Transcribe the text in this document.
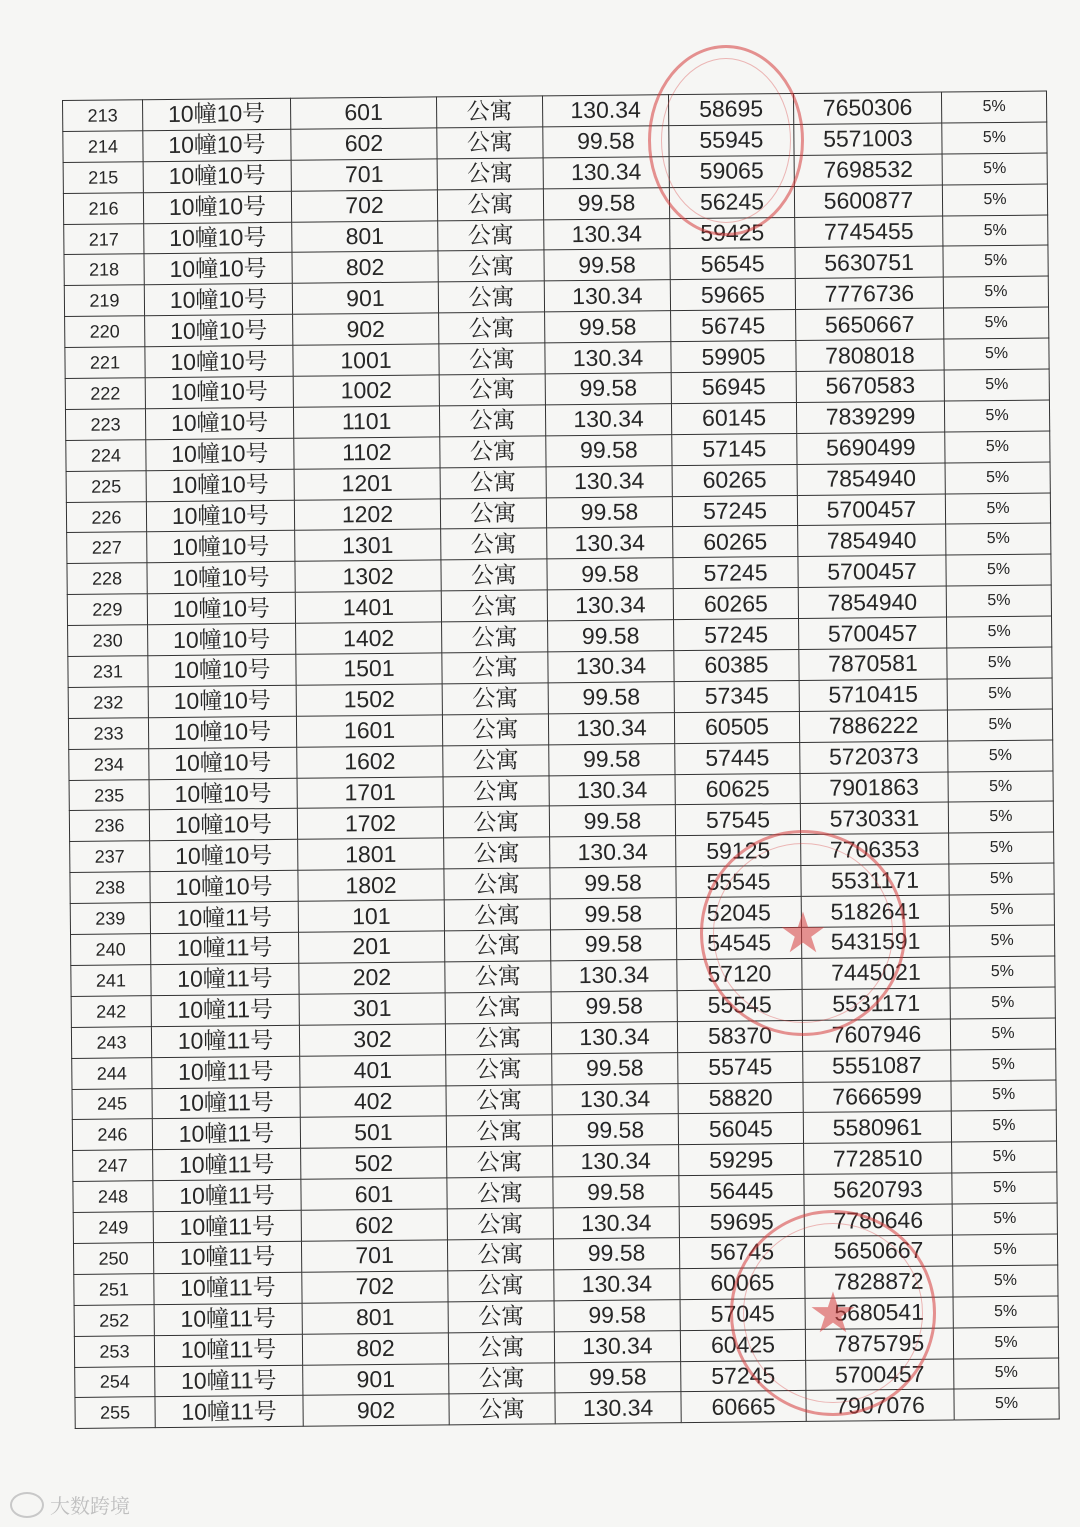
213	10幢10号	601	公寓	130.34	58695	7650306	5%
214	10幢10号	602	公寓	99.58	55945	5571003	5%
215	10幢10号	701	公寓	130.34	59065	7698532	5%
216	10幢10号	702	公寓	99.58	56245	5600877	5%
217	10幢10号	801	公寓	130.34	59425	7745455	5%
218	10幢10号	802	公寓	99.58	56545	5630751	5%
219	10幢10号	901	公寓	130.34	59665	7776736	5%
220	10幢10号	902	公寓	99.58	56745	5650667	5%
221	10幢10号	1001	公寓	130.34	59905	7808018	5%
222	10幢10号	1002	公寓	99.58	56945	5670583	5%
223	10幢10号	1101	公寓	130.34	60145	7839299	5%
224	10幢10号	1102	公寓	99.58	57145	5690499	5%
225	10幢10号	1201	公寓	130.34	60265	7854940	5%
226	10幢10号	1202	公寓	99.58	57245	5700457	5%
227	10幢10号	1301	公寓	130.34	60265	7854940	5%
228	10幢10号	1302	公寓	99.58	57245	5700457	5%
229	10幢10号	1401	公寓	130.34	60265	7854940	5%
230	10幢10号	1402	公寓	99.58	57245	5700457	5%
231	10幢10号	1501	公寓	130.34	60385	7870581	5%
232	10幢10号	1502	公寓	99.58	57345	5710415	5%
233	10幢10号	1601	公寓	130.34	60505	7886222	5%
234	10幢10号	1602	公寓	99.58	57445	5720373	5%
235	10幢10号	1701	公寓	130.34	60625	7901863	5%
236	10幢10号	1702	公寓	99.58	57545	5730331	5%
237	10幢10号	1801	公寓	130.34	59125	7706353	5%
238	10幢10号	1802	公寓	99.58	55545	5531171	5%
239	10幢11号	101	公寓	99.58	52045	5182641	5%
240	10幢11号	201	公寓	99.58	54545	5431591	5%
241	10幢11号	202	公寓	130.34	57120	7445021	5%
242	10幢11号	301	公寓	99.58	55545	5531171	5%
243	10幢11号	302	公寓	130.34	58370	7607946	5%
244	10幢11号	401	公寓	99.58	55745	5551087	5%
245	10幢11号	402	公寓	130.34	58820	7666599	5%
246	10幢11号	501	公寓	99.58	56045	5580961	5%
247	10幢11号	502	公寓	130.34	59295	7728510	5%
248	10幢11号	601	公寓	99.58	56445	5620793	5%
249	10幢11号	602	公寓	130.34	59695	7780646	5%
250	10幢11号	701	公寓	99.58	56745	5650667	5%
251	10幢11号	702	公寓	130.34	60065	7828872	5%
252	10幢11号	801	公寓	99.58	57045	5680541	5%
253	10幢11号	802	公寓	130.34	60425	7875795	5%
254	10幢11号	901	公寓	99.58	57245	5700457	5%
255	10幢11号	902	公寓	130.34	60665	7907076	5%
★
★
大数跨境
